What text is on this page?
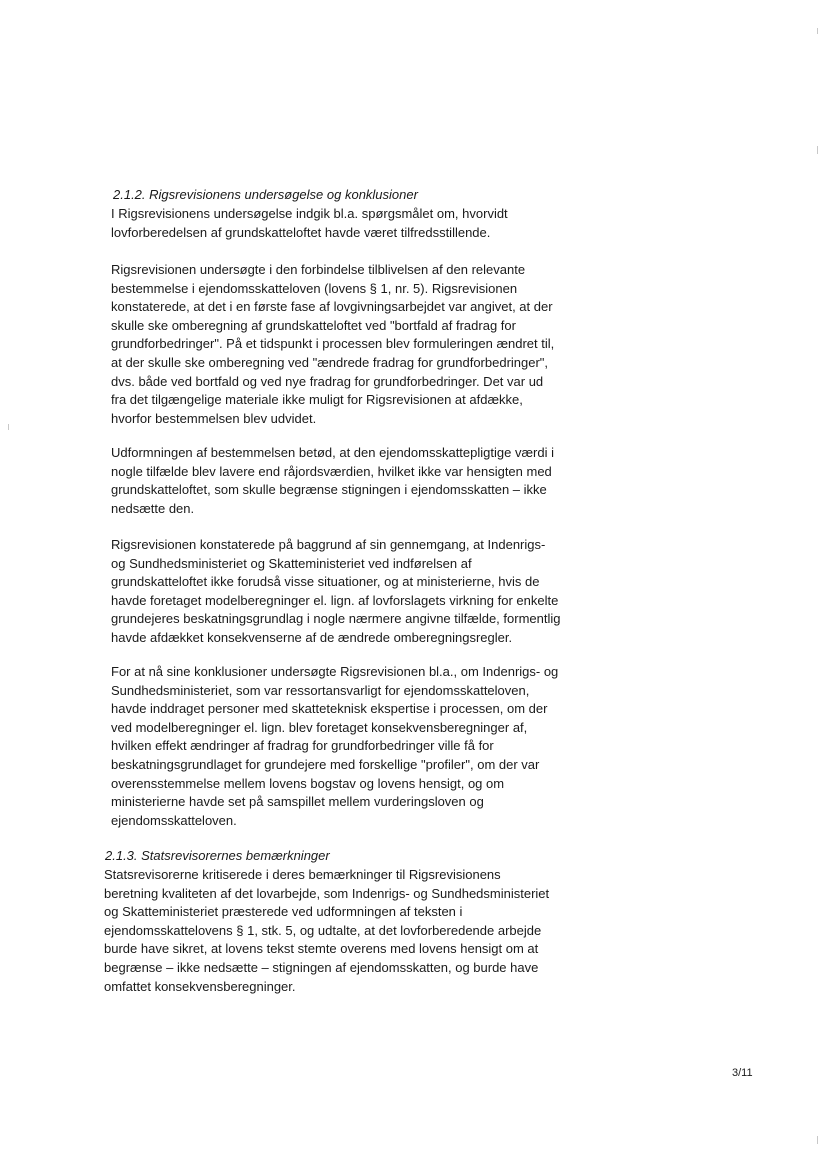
2.1.2. Rigsrevisionens undersøgelse og konklusioner

I Rigsrevisionens undersøgelse indgik bl.a. spørgsmålet om, hvorvidt
lovforberedelsen af grundskatteloftet havde været tilfredsstillende.

Rigsrevisionen undersøgte i den forbindelse tilblivelsen af den relevante
bestemmelse i ejendomsskatteloven (lovens § 1, nr. 5). Rigsrevisionen
konstaterede, at det i en første fase af lovgivningsarbejdet var angivet, at der
skulle ske omberegning af grundskatteloftet ved "bortfald af fradrag for
grundforbedringer". På et tidspunkt i processen blev formuleringen ændret til,
at der skulle ske omberegning ved "ændrede fradrag for grundforbedringer",
dvs. både ved bortfald og ved nye fradrag for grundforbedringer. Det var ud
fra det tilgængelige materiale ikke muligt for Rigsrevisionen at afdække,
hvorfor bestemmelsen blev udvidet.

Udformningen af bestemmelsen betød, at den ejendomsskattepligtige værdi i
nogle tilfælde blev lavere end råjordsværdien, hvilket ikke var hensigten med
grundskatteloftet, som skulle begrænse stigningen i ejendomsskatten – ikke
nedsætte den.

Rigsrevisionen konstaterede på baggrund af sin gennemgang, at Indenrigs-
og Sundhedsministeriet og Skatteministeriet ved indførelsen af
grundskatteloftet ikke forudså visse situationer, og at ministerierne, hvis de
havde foretaget modelberegninger el. lign. af lovforslagets virkning for enkelte
grundejeres beskatningsgrundlag i nogle nærmere angivne tilfælde, formentlig
havde afdækket konsekvenserne af de ændrede omberegningsregler.

For at nå sine konklusioner undersøgte Rigsrevisionen bl.a., om Indenrigs- og
Sundhedsministeriet, som var ressortansvarligt for ejendomsskatteloven,
havde inddraget personer med skatteteknisk ekspertise i processen, om der
ved modelberegninger el. lign. blev foretaget konsekvensberegninger af,
hvilken effekt ændringer af fradrag for grundforbedringer ville få for
beskatningsgrundlaget for grundejere med forskellige "profiler", om der var
overensstemmelse mellem lovens bogstav og lovens hensigt, og om
ministerierne havde set på samspillet mellem vurderingsloven og
ejendomsskatteloven.

2.1.3. Statsrevisorernes bemærkninger

Statsrevisorerne kritiserede i deres bemærkninger til Rigsrevisionens
beretning kvaliteten af det lovarbejde, som Indenrigs- og Sundhedsministeriet
og Skatteministeriet præsterede ved udformningen af teksten i
ejendomsskattelovens § 1, stk. 5, og udtalte, at det lovforberedende arbejde
burde have sikret, at lovens tekst stemte overens med lovens hensigt om at
begrænse – ikke nedsætte – stigningen af ejendomsskatten, og burde have
omfattet konsekvensberegninger.

3/11
